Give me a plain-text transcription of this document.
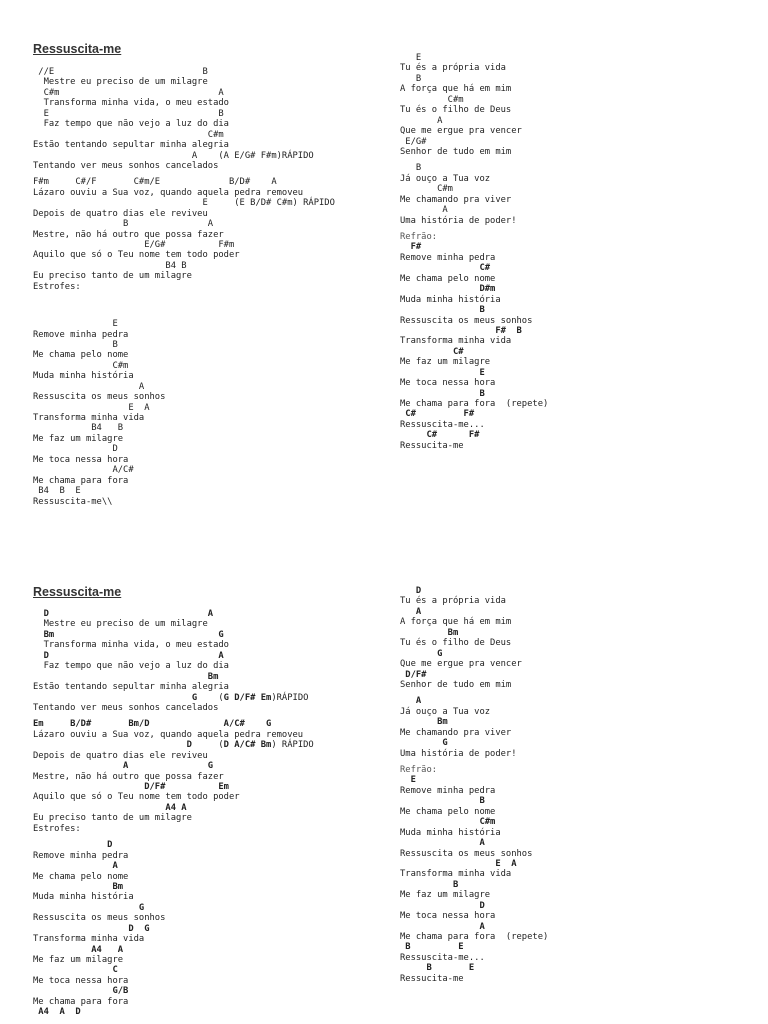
Ressuscita-me
//E                            B
Mestre eu preciso de um milagre
C#m                              A
Transforma minha vida, o meu estado
E                                B
Faz tempo que não vejo a luz do dia
C#m
Estão tentando sepultar minha alegria
A    (A E/G# F#m)RÁPIDO
Tentando ver meus sonhos cancelados
F#m     C#/F       C#m/E             B/D#    A
Lázaro ouviu a Sua voz, quando aquela pedra removeu
E     (E B/D# C#m) RÁPIDO
Depois de quatro dias ele reviveu
B               A
Mestre, não há outro que possa fazer
E/G#          F#m
Aquilo que só o Teu nome tem todo poder
B4 B
Eu preciso tanto de um milagre
Estrofes:
E
Remove minha pedra
B
Me chama pelo nome
C#m
Muda minha história
A
Ressuscita os meus sonhos
E  A
Transforma minha vida
B4   B
Me faz um milagre
D
Me toca nessa hora
A/C#
Me chama para fora
B4  B  E
Ressuscita-me\\
E
Tu és a própria vida
B
A força que há em mim
C#m
Tu és o filho de Deus
A
Que me ergue pra vencer
E/G#
Senhor de tudo em mim
B
Já ouço a Tua voz
C#m
Me chamando pra viver
A
Uma história de poder!
Refrão:
F#
Remove minha pedra
C#
Me chama pelo nome
D#m
Muda minha história
B
Ressuscita os meus sonhos
F#  B
Transforma minha vida
C#
Me faz um milagre
E
Me toca nessa hora
B
Me chama para fora  (repete)
C#         F#
Ressuscita-me...
C#      F#
Ressucita-me
Ressuscita-me
D                              A
Mestre eu preciso de um milagre
Bm                               G
Transforma minha vida, o meu estado
D                                A
Faz tempo que não vejo a luz do dia
Bm
Estão tentando sepultar minha alegria
G    (G D/F# Em)RÁPIDO
Tentando ver meus sonhos cancelados
Em     B/D#       Bm/D              A/C#    G
Lázaro ouviu a Sua voz, quando aquela pedra removeu
D     (D A/C# Bm) RÁPIDO
Depois de quatro dias ele reviveu
A               G
Mestre, não há outro que possa fazer
D/F#          Em
Aquilo que só o Teu nome tem todo poder
A4 A
Eu preciso tanto de um milagre
Estrofes:
D
Remove minha pedra
A
Me chama pelo nome
Bm
Muda minha história
G
Ressuscita os meus sonhos
D  G
Transforma minha vida
A4   A
Me faz um milagre
C
Me toca nessa hora
G/B
Me chama para fora
A4  A  D
D
Tu és a própria vida
A
A força que há em mim
Bm
Tu és o filho de Deus
G
Que me ergue pra vencer
D/F#
Senhor de tudo em mim
A
Já ouço a Tua voz
Bm
Me chamando pra viver
G
Uma história de poder!
Refrão:
E
Remove minha pedra
B
Me chama pelo nome
C#m
Muda minha história
A
Ressuscita os meus sonhos
E  A
Transforma minha vida
B
Me faz um milagre
D
Me toca nessa hora
A
Me chama para fora  (repete)
B         E
Ressuscita-me...
B       E
Ressucita-me
